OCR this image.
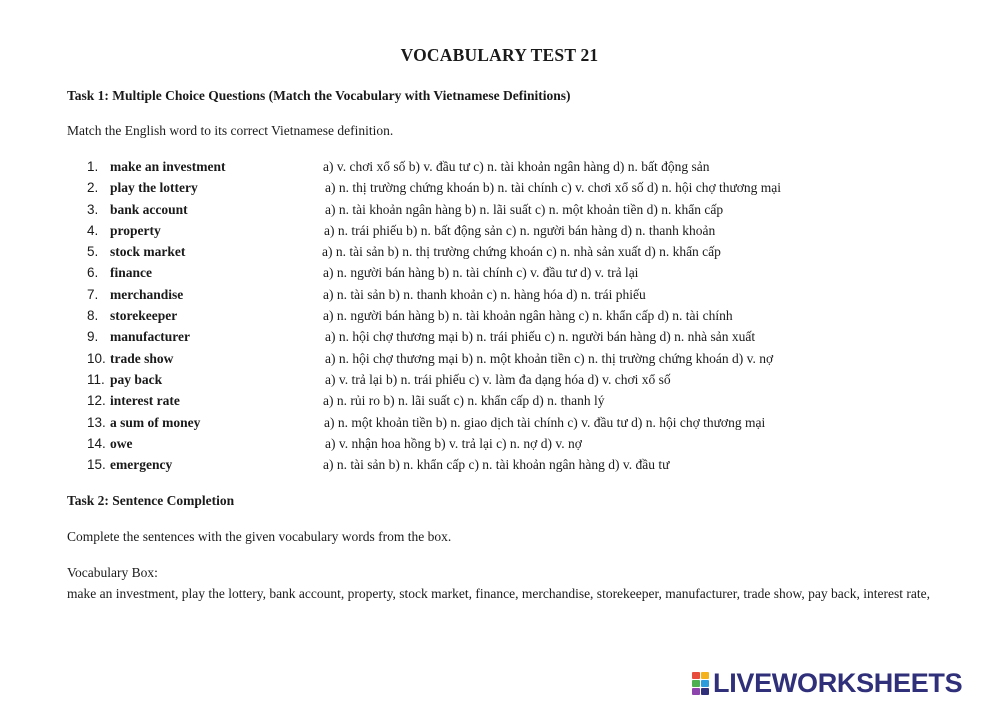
VOCABULARY TEST 21
Task 1: Multiple Choice Questions (Match the Vocabulary with Vietnamese Definitions)
Match the English word to its correct Vietnamese definition.
1. make an investment	a) v. chơi xổ số b) v. đầu tư c) n. tài khoản ngân hàng d) n. bất động sản
2. play the lottery	a) n. thị trường chứng khoán b) n. tài chính c) v. chơi xổ số d) n. hội chợ thương mại
3. bank account	a) n. tài khoản ngân hàng b) n. lãi suất c) n. một khoản tiền d) n. khẩn cấp
4. property	a) n. trái phiếu b) n. bất động sản c) n. người bán hàng d) n. thanh khoản
5. stock market	a) n. tài sản b) n. thị trường chứng khoán c) n. nhà sản xuất d) n. khẩn cấp
6. finance	a) n. người bán hàng b) n. tài chính c) v. đầu tư d) v. trả lại
7. merchandise	a) n. tài sản b) n. thanh khoản c) n. hàng hóa d) n. trái phiếu
8. storekeeper	a) n. người bán hàng b) n. tài khoản ngân hàng c) n. khẩn cấp d) n. tài chính
9. manufacturer	a) n. hội chợ thương mại b) n. trái phiếu c) n. người bán hàng d) n. nhà sản xuất
10. trade show	a) n. hội chợ thương mại b) n. một khoản tiền c) n. thị trường chứng khoán d) v. nợ
11. pay back	a) v. trả lại b) n. trái phiếu c) v. làm đa dạng hóa d) v. chơi xổ số
12. interest rate	a) n. rủi ro b) n. lãi suất c) n. khẩn cấp d) n. thanh lý
13. a sum of money	a) n. một khoản tiền b) n. giao dịch tài chính c) v. đầu tư d) n. hội chợ thương mại
14. owe	a) v. nhận hoa hồng b) v. trả lại c) n. nợ d) v. nợ
15. emergency	a) n. tài sản b) n. khẩn cấp c) n. tài khoản ngân hàng d) v. đầu tư
Task 2: Sentence Completion
Complete the sentences with the given vocabulary words from the box.
Vocabulary Box:
make an investment, play the lottery, bank account, property, stock market, finance, merchandise, storekeeper, manufacturer, trade show, pay back, interest rate,
LIVEWORKSHEETS
